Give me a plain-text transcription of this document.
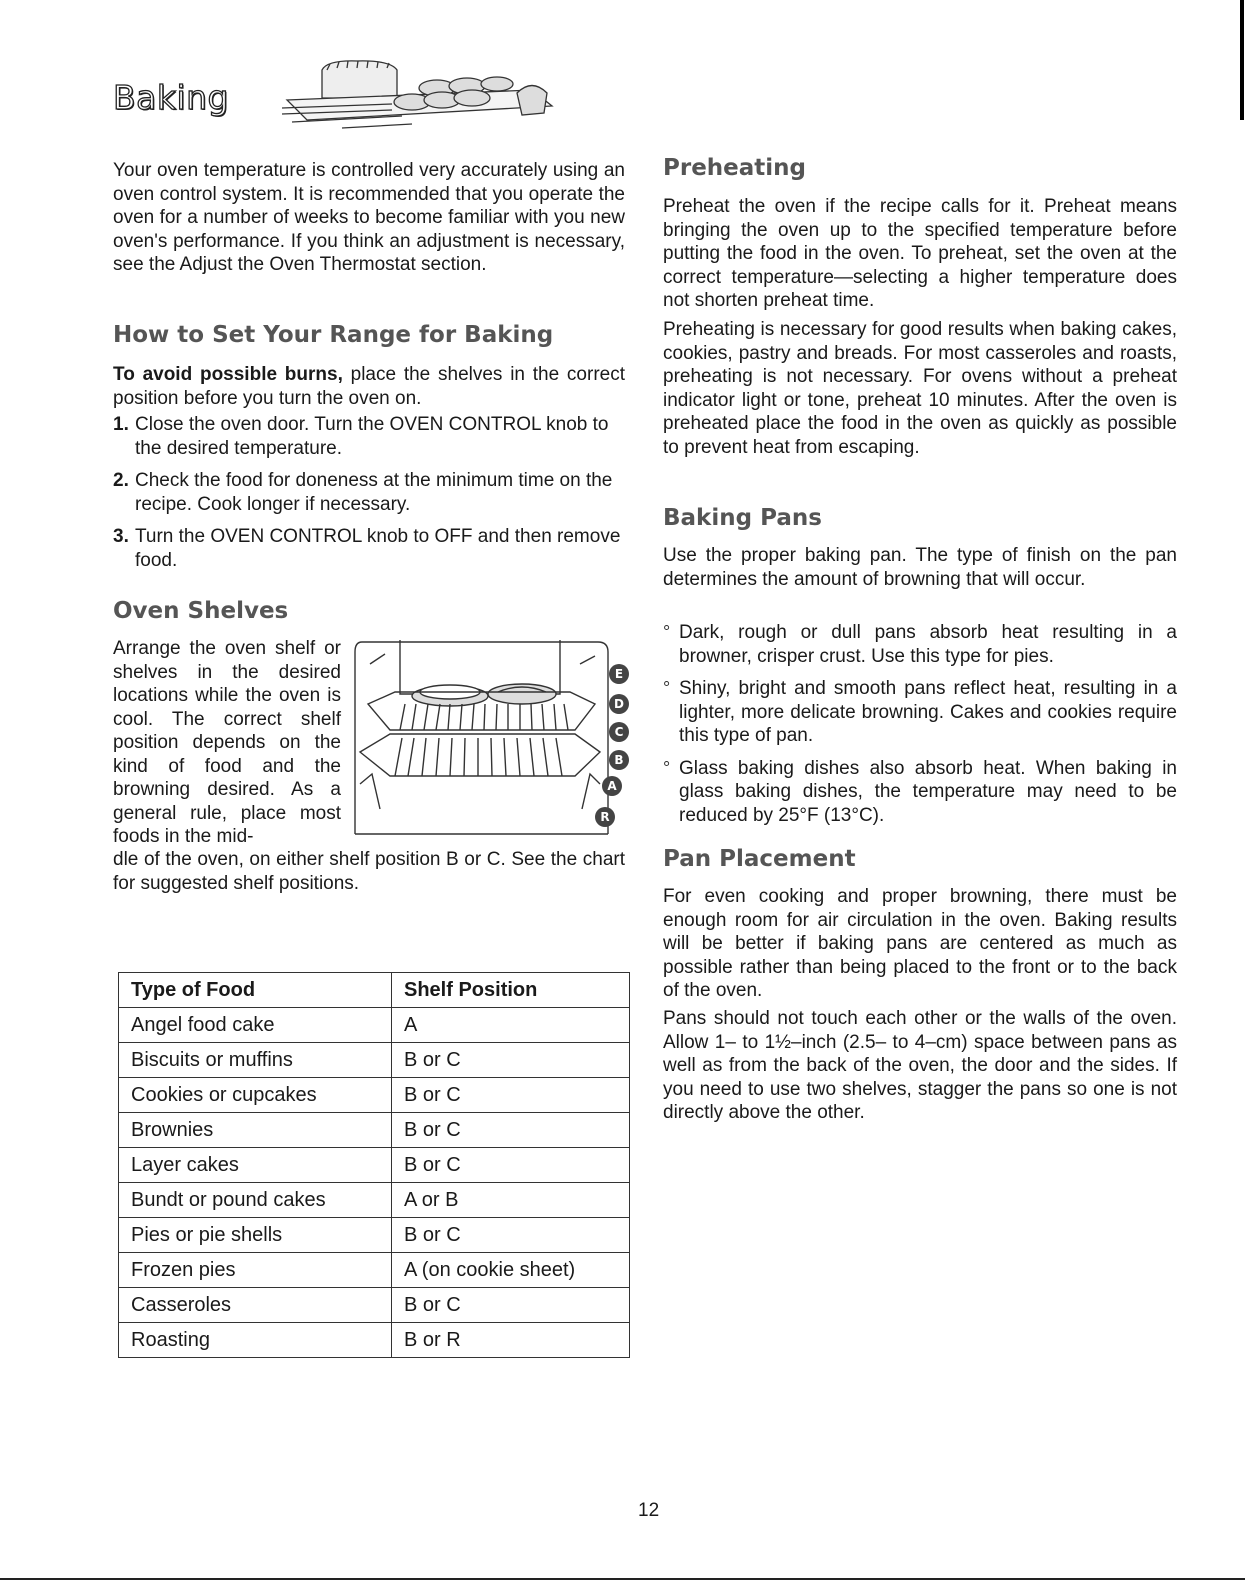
Baking

Your oven temperature is controlled very accurately using an oven control system. It is recommended that you operate the oven for a number of weeks to become familiar with you new oven's performance. If you think an adjustment is necessary, see the Adjust the Oven Thermostat section.

How to Set Your Range for Baking

To avoid possible burns, place the shelves in the correct position before you turn the oven on.

1. Close the oven door. Turn the OVEN CONTROL knob to the desired temperature.
2. Check the food for doneness at the minimum time on the recipe. Cook longer if necessary.
3. Turn the OVEN CONTROL knob to OFF and then remove food.
Oven Shelves

Arrange the oven shelf or shelves in the desired locations while the oven is cool. The correct shelf position depends on the kind of food and the browning desired. As a general rule, place most foods in the mid-

E
D
C
B
A
R

dle of the oven, on either shelf position B or C. See the chart for suggested shelf positions.

Type of Food	Shelf Position
Angel food cake	A
Biscuits or muffins	B or C
Cookies or cupcakes	B or C
Brownies	B or C
Layer cakes	B or C
Bundt or pound cakes	A or B
Pies or pie shells	B or C
Frozen pies	A (on cookie sheet)
Casseroles	B or C
Roasting	B or R
Preheating

Preheat the oven if the recipe calls for it. Preheat means bringing the oven up to the specified temperature before putting the food in the oven. To preheat, set the oven at the correct temperature—selecting a higher temperature does not shorten preheat time.

Preheating is necessary for good results when baking cakes, cookies, pastry and breads. For most casseroles and roasts, preheating is not necessary. For ovens without a preheat indicator light or tone, preheat 10 minutes. After the oven is preheated place the food in the oven as quickly as possible to prevent heat from escaping.

Baking Pans

Use the proper baking pan. The type of finish on the pan determines the amount of browning that will occur.

° Dark, rough or dull pans absorb heat resulting in a browner, crisper crust. Use this type for pies.
° Shiny, bright and smooth pans reflect heat, resulting in a lighter, more delicate browning. Cakes and cookies require this type of pan.
° Glass baking dishes also absorb heat. When baking in glass baking dishes, the temperature may need to be reduced by 25°F (13°C).
Pan Placement

For even cooking and proper browning, there must be enough room for air circulation in the oven. Baking results will be better if baking pans are centered as much as possible rather than being placed to the front or to the back of the oven.

Pans should not touch each other or the walls of the oven. Allow 1– to 1½–inch (2.5– to 4–cm) space between pans as well as from the back of the oven, the door and the sides. If you need to use two shelves, stagger the pans so one is not directly above the other.

12
